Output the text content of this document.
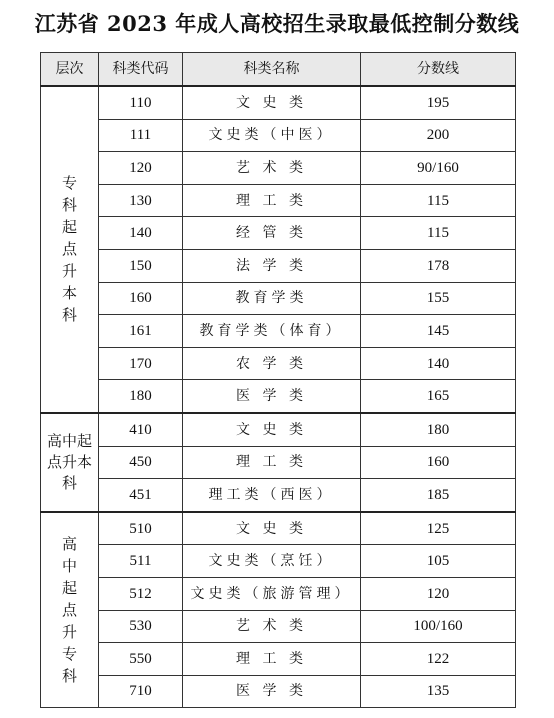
江苏省 2023 年成人高校招生录取最低控制分数线
层次	科类代码	科类名称	分数线
专科起点升本科	110	文 史 类	195
	111	文史类（中医）	200
	120	艺 术 类	90/160
	130	理 工 类	115
	140	经 管 类	115
	150	法 学 类	178
	160	教育学类	155
	161	教育学类（体育）	145
	170	农 学 类	140
	180	医 学 类	165
高中起点升本科	410	文 史 类	180
	450	理 工 类	160
	451	理工类（西医）	185
高中起点升专科	510	文 史 类	125
	511	文史类（烹饪）	105
	512	文史类（旅游管理）	120
	530	艺 术 类	100/160
	550	理 工 类	122
	710	医 学 类	135
